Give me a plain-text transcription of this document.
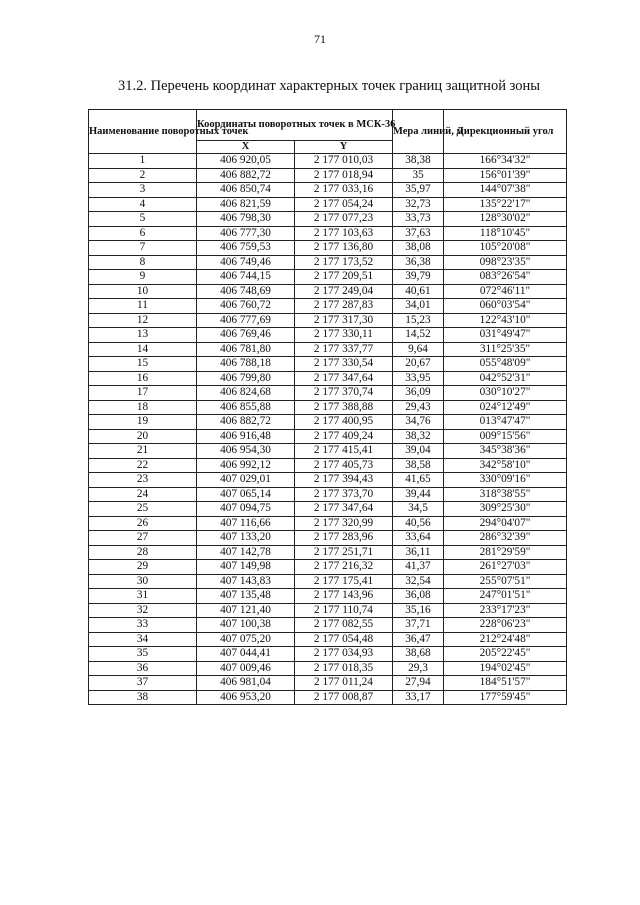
71
31.2. Перечень координат характерных точек границ защитной зоны
Наименование поворотных точек	Координаты поворотных точек в МСК-36		Мера линий, м	Дирекционный угол
	X	Y		
1	406 920,05	2 177 010,03	38,38	166°34'32"
2	406 882,72	2 177 018,94	35	156°01'39"
3	406 850,74	2 177 033,16	35,97	144°07'38"
4	406 821,59	2 177 054,24	32,73	135°22'17"
5	406 798,30	2 177 077,23	33,73	128°30'02"
6	406 777,30	2 177 103,63	37,63	118°10'45"
7	406 759,53	2 177 136,80	38,08	105°20'08"
8	406 749,46	2 177 173,52	36,38	098°23'35"
9	406 744,15	2 177 209,51	39,79	083°26'54"
10	406 748,69	2 177 249,04	40,61	072°46'11"
11	406 760,72	2 177 287,83	34,01	060°03'54"
12	406 777,69	2 177 317,30	15,23	122°43'10"
13	406 769,46	2 177 330,11	14,52	031°49'47"
14	406 781,80	2 177 337,77	9,64	311°25'35"
15	406 788,18	2 177 330,54	20,67	055°48'09"
16	406 799,80	2 177 347,64	33,95	042°52'31"
17	406 824,68	2 177 370,74	36,09	030°10'27"
18	406 855,88	2 177 388,88	29,43	024°12'49"
19	406 882,72	2 177 400,95	34,76	013°47'47"
20	406 916,48	2 177 409,24	38,32	009°15'56"
21	406 954,30	2 177 415,41	39,04	345°38'36"
22	406 992,12	2 177 405,73	38,58	342°58'10"
23	407 029,01	2 177 394,43	41,65	330°09'16"
24	407 065,14	2 177 373,70	39,44	318°38'55"
25	407 094,75	2 177 347,64	34,5	309°25'30"
26	407 116,66	2 177 320,99	40,56	294°04'07"
27	407 133,20	2 177 283,96	33,64	286°32'39"
28	407 142,78	2 177 251,71	36,11	281°29'59"
29	407 149,98	2 177 216,32	41,37	261°27'03"
30	407 143,83	2 177 175,41	32,54	255°07'51"
31	407 135,48	2 177 143,96	36,08	247°01'51"
32	407 121,40	2 177 110,74	35,16	233°17'23"
33	407 100,38	2 177 082,55	37,71	228°06'23"
34	407 075,20	2 177 054,48	36,47	212°24'48"
35	407 044,41	2 177 034,93	38,68	205°22'45"
36	407 009,46	2 177 018,35	29,3	194°02'45"
37	406 981,04	2 177 011,24	27,94	184°51'57"
38	406 953,20	2 177 008,87	33,17	177°59'45"
